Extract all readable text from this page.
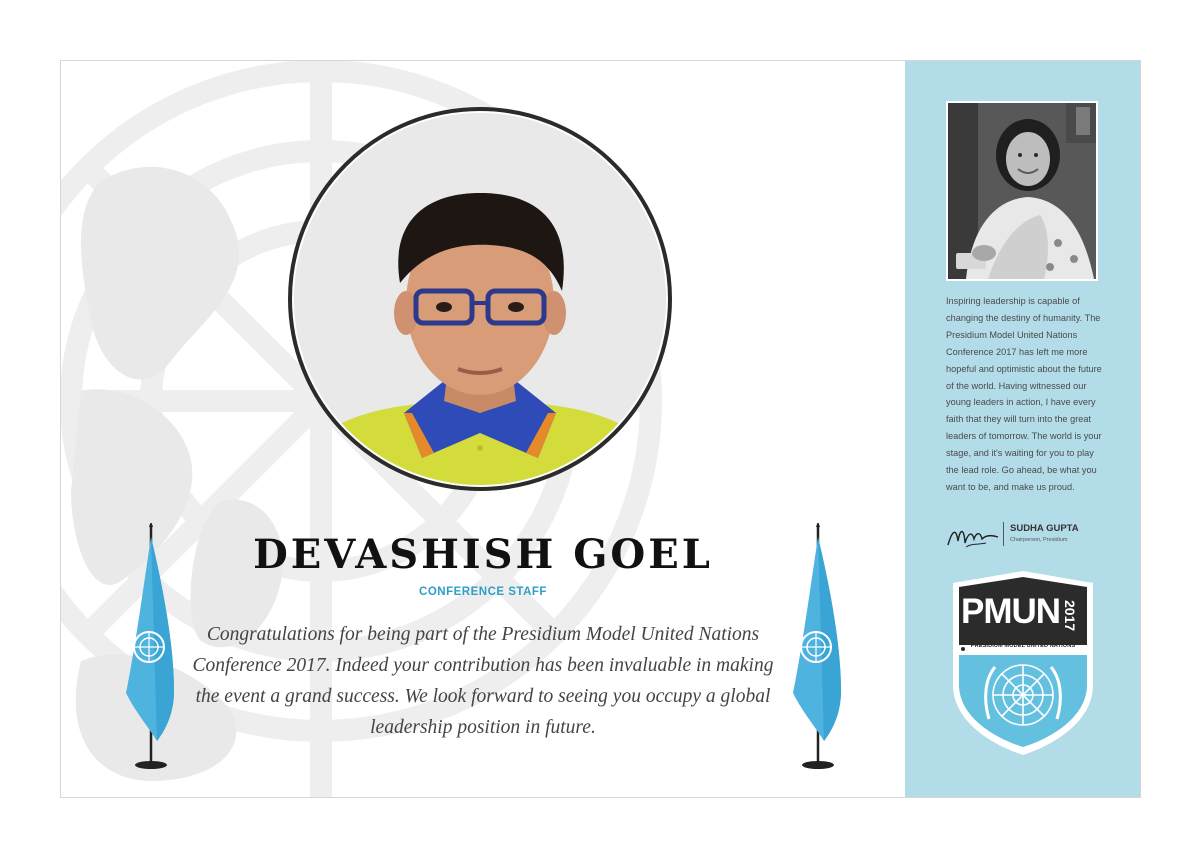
DEVASHISH GOEL
CONFERENCE STAFF
Congratulations for being part of the Presidium Model United Nations Conference 2017. Indeed your contribution has been invaluable in making the event a grand success. We look forward to seeing you occupy a global leadership position in future.
Inspiring leadership is capable of changing the destiny of humanity. The Presidium Model United Nations Conference 2017 has left me more hopeful and optimistic about the future of the world. Having witnessed our young leaders in action, I have every faith that they will turn into the great leaders of tomorrow. The world is your stage, and it's waiting for you to play the lead role. Go ahead, be what you want to be, and make us proud.
SUDHA GUPTA
Chairperson, Presidium
PMUN 2017
PRESIDIUM MODEL UNITED NATIONS
